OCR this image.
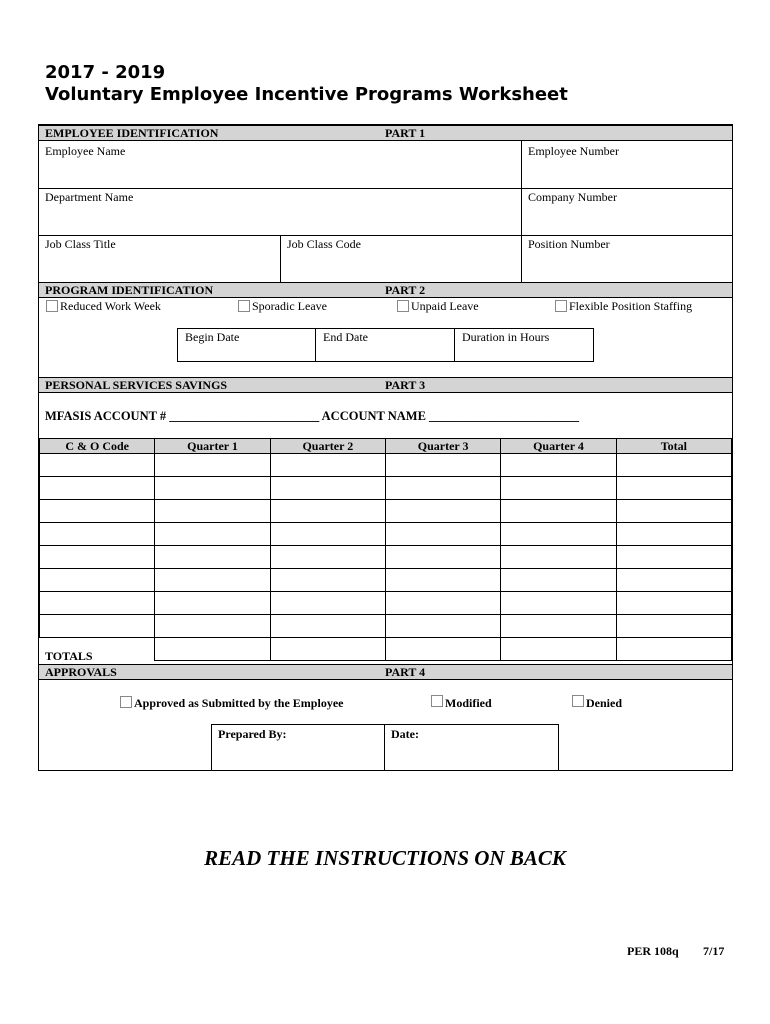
2017 - 2019
Voluntary Employee Incentive Programs Worksheet
EMPLOYEE IDENTIFICATION	PART 1
Employee Name	Employee Number
Department Name	Company Number
Job Class Title	Job Class Code	Position Number
PROGRAM IDENTIFICATION	PART 2
Reduced Work Week	Sporadic Leave	Unpaid Leave	Flexible Position Staffing
Begin Date	End Date	Duration in Hours
PERSONAL SERVICES SAVINGS	PART 3
MFASIS ACCOUNT # ________________________ ACCOUNT NAME ________________________
C & O Code	Quarter 1	Quarter 2	Quarter 3	Quarter 4	Total

TOTALS
APPROVALS	PART 4
Approved as Submitted by the Employee	Modified	Denied
Prepared By:	Date:
READ THE INSTRUCTIONS ON BACK
PER 108q 7/17
